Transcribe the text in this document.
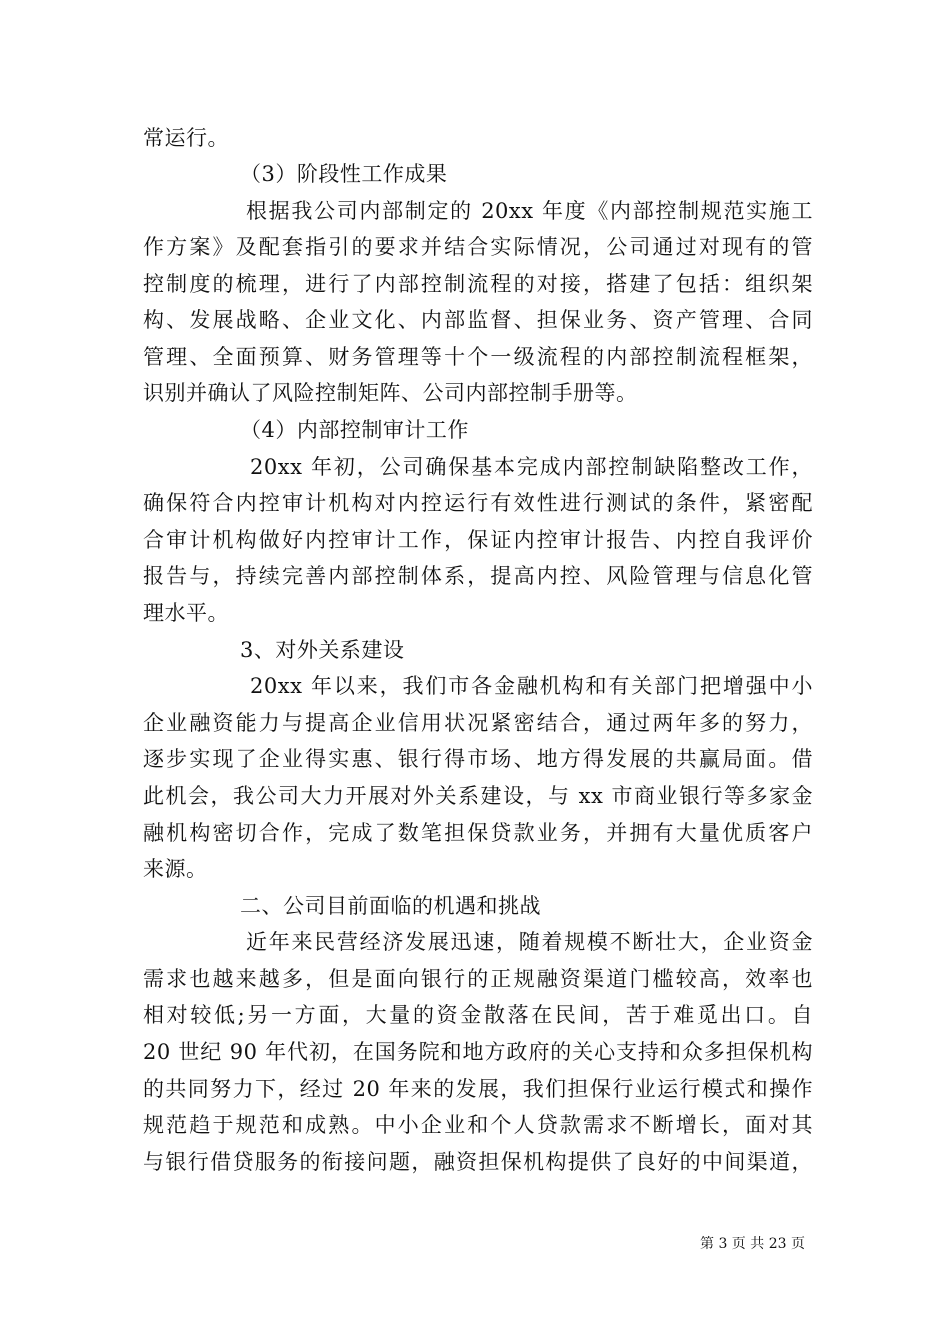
常运行。
（3）阶段性工作成果
根据我公司内部制定的 20xx 年度《内部控制规范实施工
作方案》及配套指引的要求并结合实际情况，公司通过对现有的管
控制度的梳理，进行了内部控制流程的对接，搭建了包括：组织架
构、发展战略、企业文化、内部监督、担保业务、资产管理、合同
管理、全面预算、财务管理等十个一级流程的内部控制流程框架，
识别并确认了风险控制矩阵、公司内部控制手册等。
（4）内部控制审计工作
20xx 年初，公司确保基本完成内部控制缺陷整改工作，
确保符合内控审计机构对内控运行有效性进行测试的条件，紧密配
合审计机构做好内控审计工作，保证内控审计报告、内控自我评价
报告与，持续完善内部控制体系，提高内控、风险管理与信息化管
理水平。
3、对外关系建设
20xx 年以来，我们市各金融机构和有关部门把增强中小
企业融资能力与提高企业信用状况紧密结合，通过两年多的努力，
逐步实现了企业得实惠、银行得市场、地方得发展的共赢局面。借
此机会，我公司大力开展对外关系建设，与 xx 市商业银行等多家金
融机构密切合作，完成了数笔担保贷款业务，并拥有大量优质客户
来源。
二、公司目前面临的机遇和挑战
近年来民营经济发展迅速，随着规模不断壮大，企业资金
需求也越来越多，但是面向银行的正规融资渠道门槛较高，效率也
相对较低;另一方面，大量的资金散落在民间，苦于难觅出口。自
20 世纪 90 年代初，在国务院和地方政府的关心支持和众多担保机构
的共同努力下，经过 20 年来的发展，我们担保行业运行模式和操作
规范趋于规范和成熟。中小企业和个人贷款需求不断增长，面对其
与银行借贷服务的衔接问题，融资担保机构提供了良好的中间渠道，
第 3 页 共 23 页
